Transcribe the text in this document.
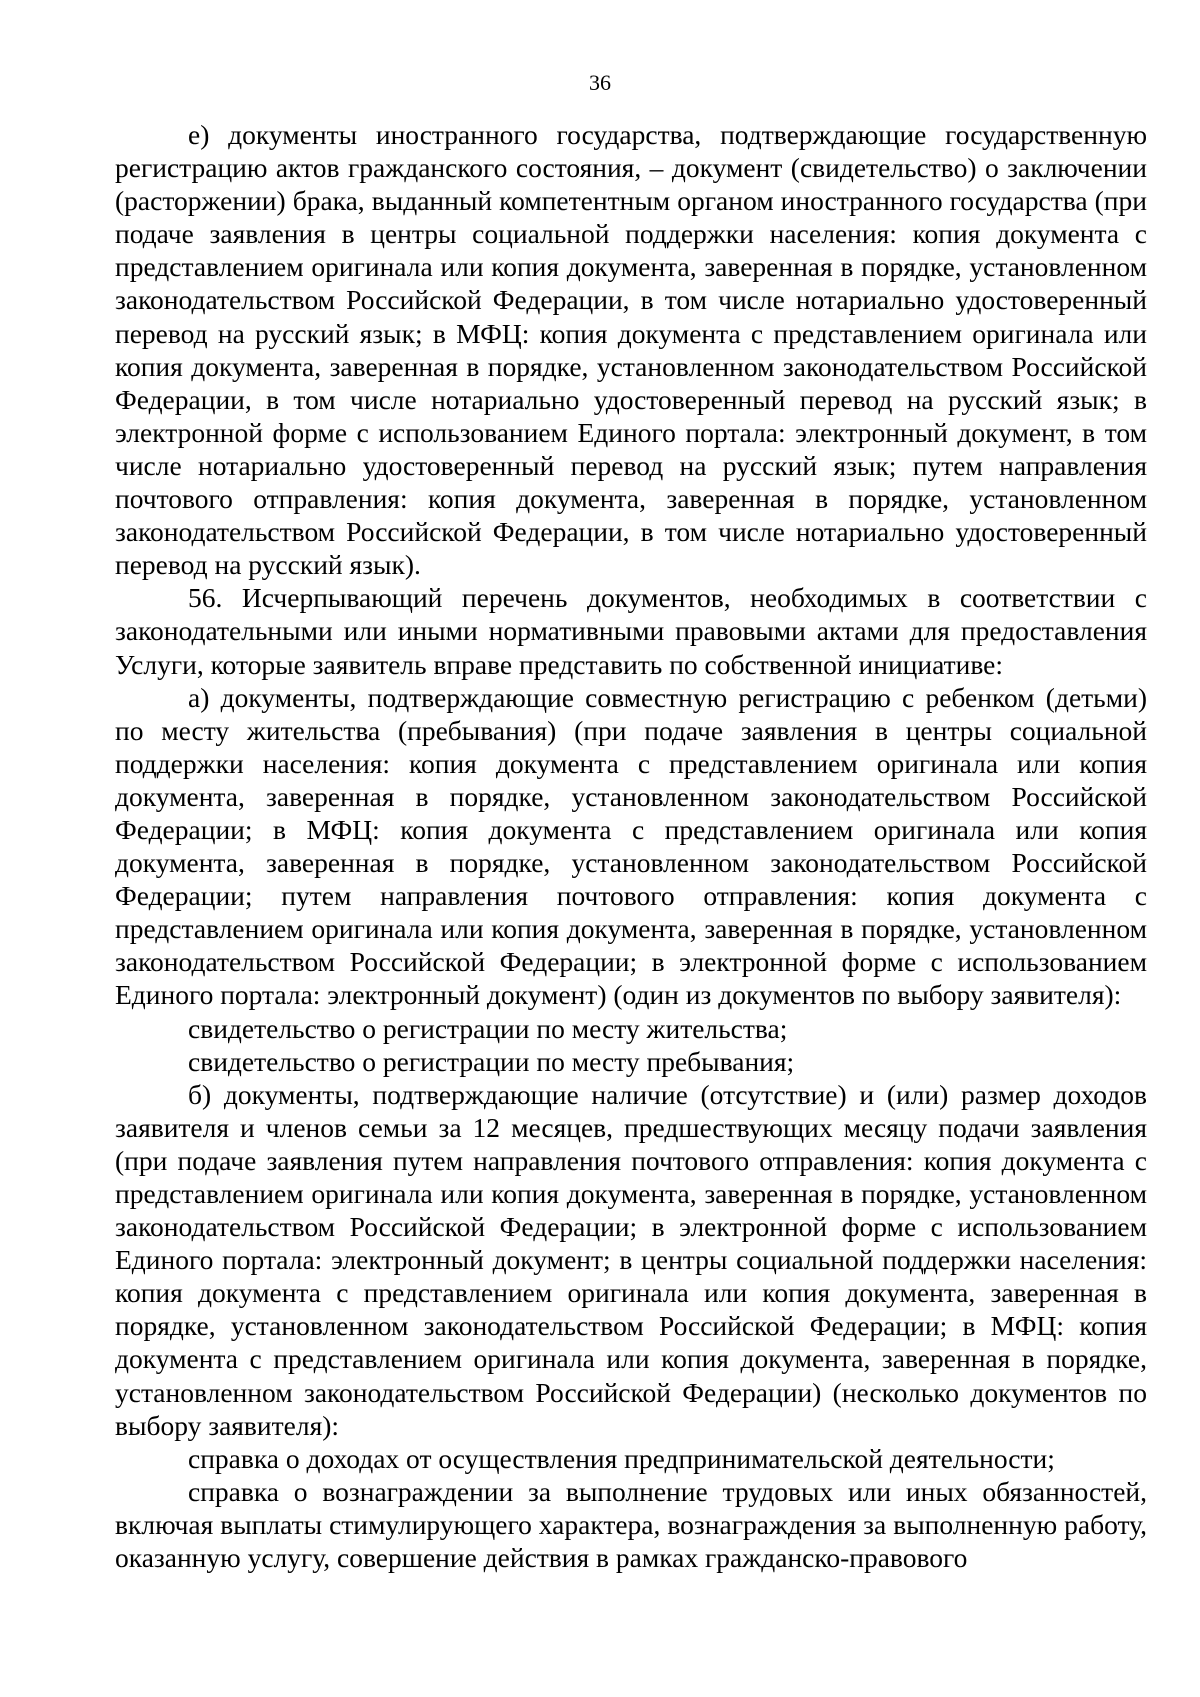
36

е) документы иностранного государства, подтверждающие государственную регистрацию актов гражданского состояния, – документ (свидетельство) о заключении (расторжении) брака, выданный компетентным органом иностранного государства (при подаче заявления в центры социальной поддержки населения: копия документа с представлением оригинала или копия документа, заверенная в порядке, установленном законодательством Российской Федерации, в том числе нотариально удостоверенный перевод на русский язык; в МФЦ: копия документа с представлением оригинала или копия документа, заверенная в порядке, установленном законодательством Российской Федерации, в том числе нотариально удостоверенный перевод на русский язык; в электронной форме с использованием Единого портала: электронный документ, в том числе нотариально удостоверенный перевод на русский язык; путем направления почтового отправления: копия документа, заверенная в порядке, установленном законодательством Российской Федерации, в том числе нотариально удостоверенный перевод на русский язык).

56. Исчерпывающий перечень документов, необходимых в соответствии с законодательными или иными нормативными правовыми актами для предоставления Услуги, которые заявитель вправе представить по собственной инициативе:

а) документы, подтверждающие совместную регистрацию с ребенком (детьми) по месту жительства (пребывания) (при подаче заявления в центры социальной поддержки населения: копия документа с представлением оригинала или копия документа, заверенная в порядке, установленном законодательством Российской Федерации; в МФЦ: копия документа с представлением оригинала или копия документа, заверенная в порядке, установленном законодательством Российской Федерации; путем направления почтового отправления: копия документа с представлением оригинала или копия документа, заверенная в порядке, установленном законодательством Российской Федерации; в электронной форме с использованием Единого портала: электронный документ) (один из документов по выбору заявителя):

свидетельство о регистрации по месту жительства;

свидетельство о регистрации по месту пребывания;

б) документы, подтверждающие наличие (отсутствие) и (или) размер доходов заявителя и членов семьи за 12 месяцев, предшествующих месяцу подачи заявления (при подаче заявления путем направления почтового отправления: копия документа с представлением оригинала или копия документа, заверенная в порядке, установленном законодательством Российской Федерации; в электронной форме с использованием Единого портала: электронный документ; в центры социальной поддержки населения: копия документа с представлением оригинала или копия документа, заверенная в порядке, установленном законодательством Российской Федерации; в МФЦ: копия документа с представлением оригинала или копия документа, заверенная в порядке, установленном законодательством Российской Федерации) (несколько документов по выбору заявителя):

справка о доходах от осуществления предпринимательской деятельности;

справка о вознаграждении за выполнение трудовых или иных обязанностей, включая выплаты стимулирующего характера, вознаграждения за выполненную работу, оказанную услугу, совершение действия в рамках гражданско-правового
